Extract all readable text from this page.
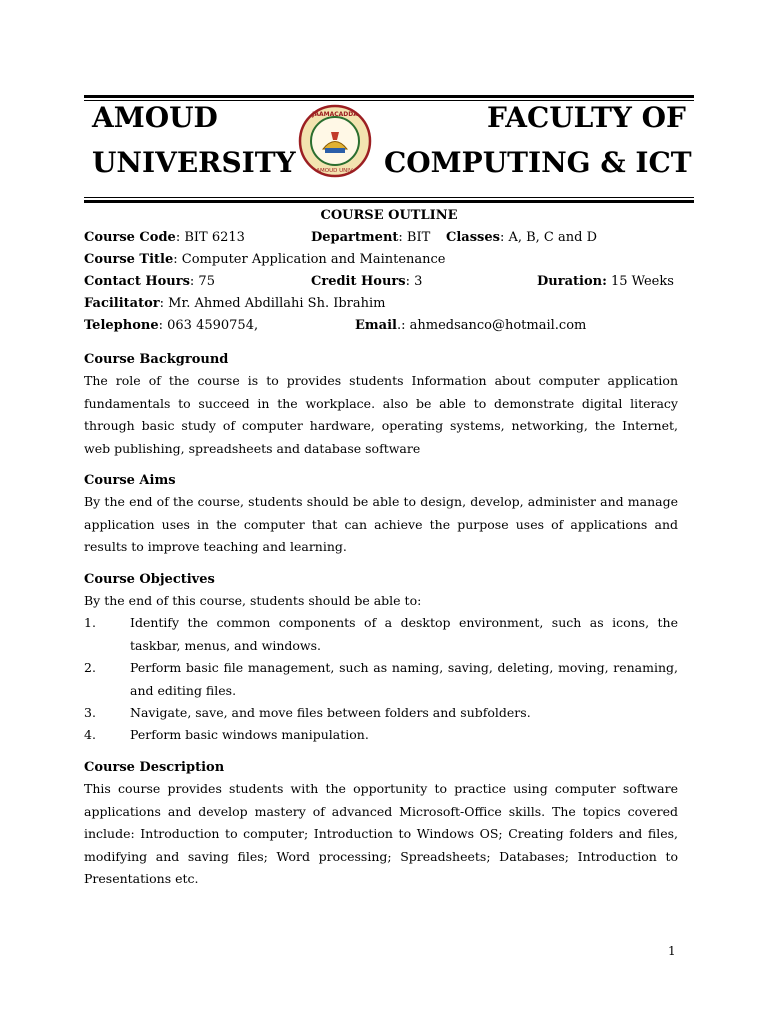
AMOUD
UNIVERSITY
FACULTY OF
COMPUTING & ICT
JAAMACADDA
AMOUD UNIV.
COURSE OUTLINE
Course Code: BIT 6213	Department: BIT Classes: A, B, C and D
Course Title: Computer Application and Maintenance
Contact Hours: 75	Credit Hours: 3	Duration: 15 Weeks
Facilitator: Mr. Ahmed Abdillahi Sh. Ibrahim
Telephone: 063 4590754,	Email.: ahmedsanco@hotmail.com
Course Background

The role of the course is to provides students Information about computer application fundamentals to succeed in the workplace. also be able to demonstrate digital literacy through basic study of computer hardware, operating systems, networking, the Internet, web publishing, spreadsheets and database software

Course Aims

By the end of the course, students should be able to design, develop, administer and manage application uses in the computer that can achieve the purpose uses of applications and results to improve teaching and learning.

Course Objectives

By the end of this course, students should be able to:

1.	Identify the common components of a desktop environment, such as icons, the taskbar, menus, and windows.
2.	Perform basic file management, such as naming, saving, deleting, moving, renaming, and editing files.
3.	Navigate, save, and move files between folders and subfolders.
4.	Perform basic windows manipulation.
Course Description

This course provides students with the opportunity to practice using computer software applications and develop mastery of advanced Microsoft-Office skills. The topics covered include: Introduction to computer; Introduction to Windows OS; Creating folders and files, modifying and saving files; Word processing; Spreadsheets; Databases; Introduction to Presentations etc.

1
